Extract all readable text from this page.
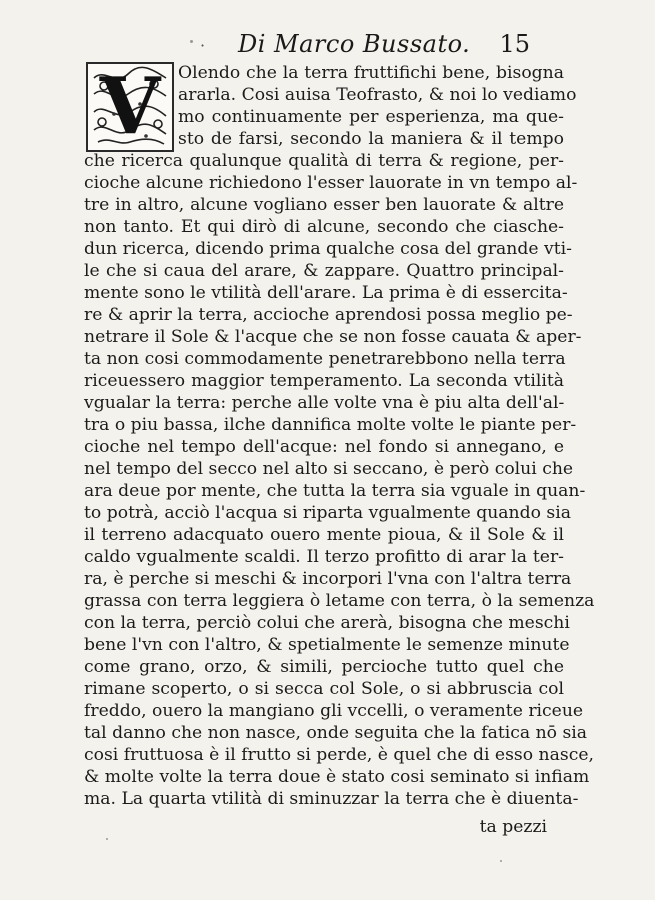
· Di Marco Bussato. 15
V	Olendo che la terra fruttifichi bene, bisogna
ararla. Cosi auisa Teofrasto, & noi lo vediamo
mo continuamente per esperienza, ma que-
sto de farsi, secondo la maniera & il tempo
che ricerca qualunque qualità di terra & regione, per-
cioche alcune richiedono l'esser lauorate in vn tempo al-
tre in altro, alcune vogliano esser ben lauorate & altre
non tanto. Et qui dirò di alcune, secondo che ciasche-
dun ricerca, dicendo prima qualche cosa del grande vti-
le che si caua del arare, & zappare. Quattro principal-
mente sono le vtilità dell'arare. La prima è di essercita-
re & aprir la terra, accioche aprendosi possa meglio pe-
netrare il Sole & l'acque che se non fosse cauata & aper-
ta non cosi commodamente penetrarebbono nella terra
riceuessero maggior temperamento. La seconda vtilità
vgualar la terra: perche alle volte vna è piu alta dell'al-
tra o piu bassa, ilche dannifica molte volte le piante per-
cioche nel tempo dell'acque: nel fondo si annegano, e
nel tempo del secco nel alto si seccano, è però colui che
ara deue por mente, che tutta la terra sia vguale in quan-
to potrà, acciò l'acqua si riparta vgualmente quando sia
il terreno adacquato ouero mente pioua, & il Sole & il
caldo vgualmente scaldi. Il terzo profitto di arar la ter-
ra, è perche si meschi & incorpori l'vna con l'altra terra
grassa con terra leggiera ò letame con terra, ò la semenza
con la terra, perciò colui che arerà, bisogna che meschi
bene l'vn con l'altro, & spetialmente le semenze minute
come grano, orzo, & simili, percioche tutto quel che
rimane scoperto, o si secca col Sole, o si abbruscia col
freddo, ouero la mangiano gli vccelli, o veramente riceue
tal danno che non nasce, onde seguita che la fatica nō sia
cosi fruttuosa è il frutto si perde, è quel che di esso nasce,
& molte volte la terra doue è stato cosi seminato si infiam
ma. La quarta vtilità di sminuzzar la terra che è diuenta-
ta pezzi
